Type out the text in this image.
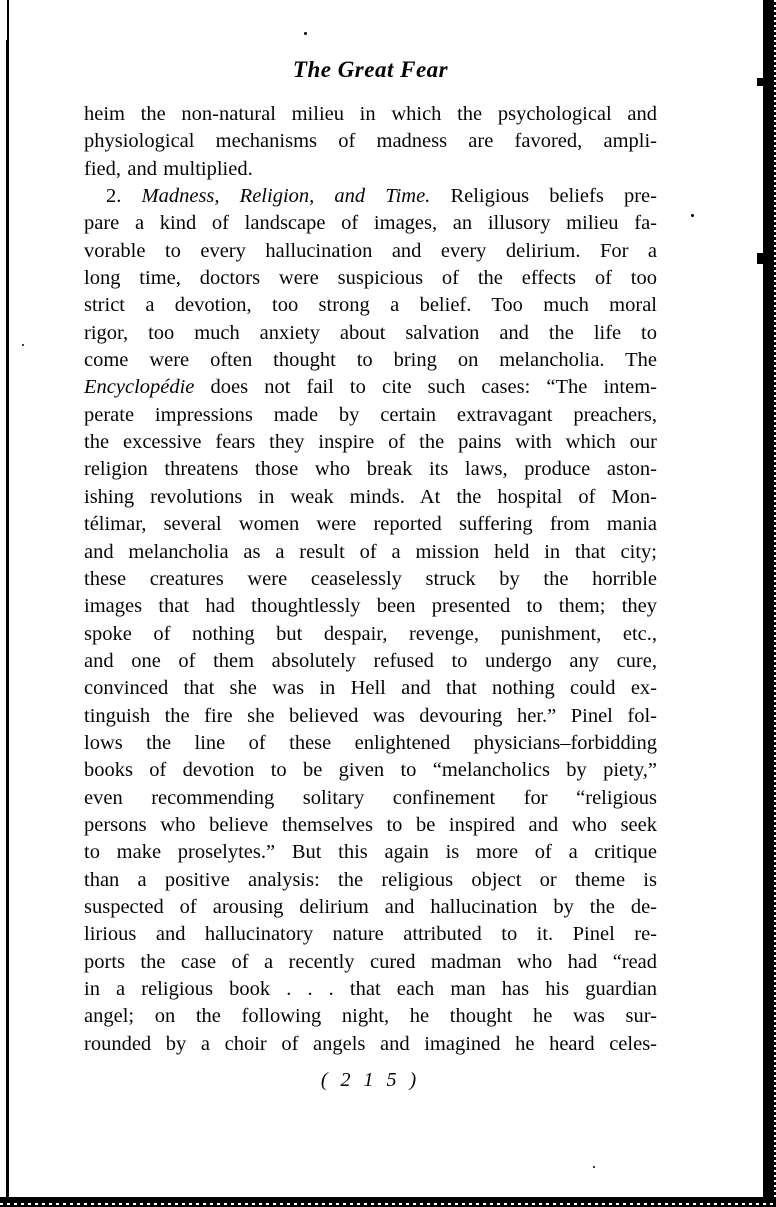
The Great Fear
heim the non-natural milieu in which the psychological and
physiological mechanisms of madness are favored, ampli-
fied, and multiplied.
2. Madness, Religion, and Time. Religious beliefs pre-
pare a kind of landscape of images, an illusory milieu fa-
vorable to every hallucination and every delirium. For a
long time, doctors were suspicious of the effects of too
strict a devotion, too strong a belief. Too much moral
rigor, too much anxiety about salvation and the life to
come were often thought to bring on melancholia. The
Encyclopédie does not fail to cite such cases: “The intem-
perate impressions made by certain extravagant preachers,
the excessive fears they inspire of the pains with which our
religion threatens those who break its laws, produce aston-
ishing revolutions in weak minds. At the hospital of Mon-
télimar, several women were reported suffering from mania
and melancholia as a result of a mission held in that city;
these creatures were ceaselessly struck by the horrible
images that had thoughtlessly been presented to them; they
spoke of nothing but despair, revenge, punishment, etc.,
and one of them absolutely refused to undergo any cure,
convinced that she was in Hell and that nothing could ex-
tinguish the fire she believed was devouring her.” Pinel fol-
lows the line of these enlightened physicians–forbidding
books of devotion to be given to “melancholics by piety,”
even recommending solitary confinement for “religious
persons who believe themselves to be inspired and who seek
to make proselytes.” But this again is more of a critique
than a positive analysis: the religious object or theme is
suspected of arousing delirium and hallucination by the de-
lirious and hallucinatory nature attributed to it. Pinel re-
ports the case of a recently cured madman who had “read
in a religious book . . . that each man has his guardian
angel; on the following night, he thought he was sur-
rounded by a choir of angels and imagined he heard celes-
( 2 1 5 )
